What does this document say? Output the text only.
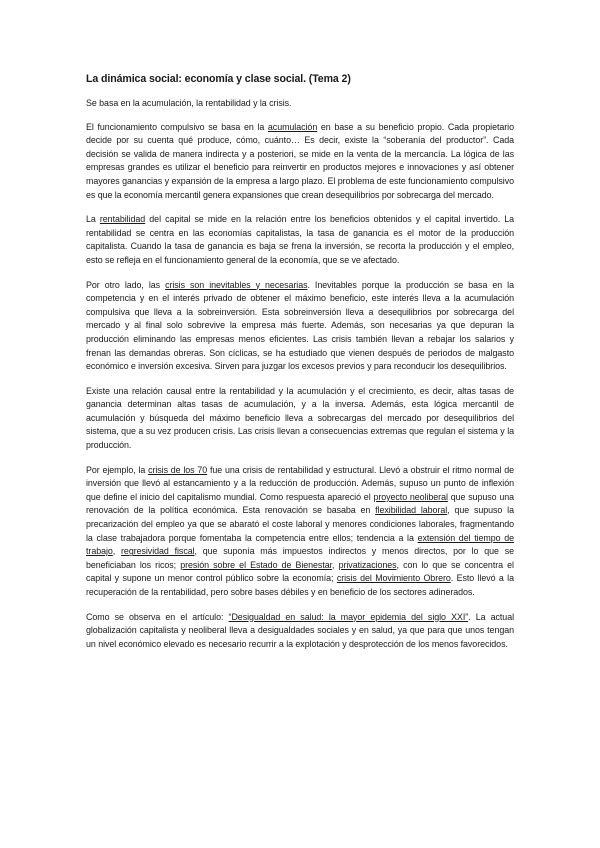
La dinámica social: economía y clase social. (Tema 2)

Se basa en la acumulación, la rentabilidad y la crisis.

El funcionamiento compulsivo se basa en la acumulación en base a su beneficio propio. Cada propietario decide por su cuenta qué produce, cómo, cuánto… Es decir, existe la “soberanía del productor”. Cada decisión se valida de manera indirecta y a posteriori, se mide en la venta de la mercancía. La lógica de las empresas grandes es utilizar el beneficio para reinvertir en productos mejores e innovaciones y así obtener mayores ganancias y expansión de la empresa a largo plazo. El problema de este funcionamiento compulsivo es que la economía mercantil genera expansiones que crean desequilibrios por sobrecarga del mercado.

La rentabilidad del capital se mide en la relación entre los beneficios obtenidos y el capital invertido. La rentabilidad se centra en las economías capitalistas, la tasa de ganancia es el motor de la producción capitalista. Cuando la tasa de ganancia es baja se frena la inversión, se recorta la producción y el empleo, esto se refleja en el funcionamiento general de la economía, que se ve afectado.

Por otro lado, las crisis son inevitables y necesarias. Inevitables porque la producción se basa en la competencia y en el interés privado de obtener el máximo beneficio, este interés lleva a la acumulación compulsiva que lleva a la sobreinversión. Esta sobreinversión lleva a desequilibrios por sobrecarga del mercado y al final solo sobrevive la empresa más fuerte. Además, son necesarias ya que depuran la producción eliminando las empresas menos eficientes. Las crisis también llevan a rebajar los salarios y frenan las demandas obreras. Son cíclicas, se ha estudiado que vienen después de periodos de malgasto económico e inversión excesiva. Sirven para juzgar los excesos previos y para reconducir los desequilibrios.

Existe una relación causal entre la rentabilidad y la acumulación y el crecimiento, es decir, altas tasas de ganancia determinan altas tasas de acumulación, y a la inversa. Además, esta lógica mercantil de acumulación y búsqueda del máximo beneficio lleva a sobrecargas del mercado por desequilibrios del sistema, que a su vez producen crisis. Las crisis llevan a consecuencias extremas que regulan el sistema y la producción.

Por ejemplo, la crisis de los 70 fue una crisis de rentabilidad y estructural. Llevó a obstruir el ritmo normal de inversión que llevó al estancamiento y a la reducción de producción. Además, supuso un punto de inflexión que define el inicio del capitalismo mundial. Como respuesta apareció el proyecto neoliberal que supuso una renovación de la política económica. Esta renovación se basaba en flexibilidad laboral, que supuso la precarización del empleo ya que se abarató el coste laboral y menores condiciones laborales, fragmentando la clase trabajadora porque fomentaba la competencia entre ellos; tendencia a la extensión del tiempo de trabajo, regresividad fiscal, que suponía más impuestos indirectos y menos directos, por lo que se beneficiaban los ricos; presión sobre el Estado de Bienestar, privatizaciones, con lo que se concentra el capital y supone un menor control público sobre la economía; crisis del Movimiento Obrero. Esto llevó a la recuperación de la rentabilidad, pero sobre bases débiles y en beneficio de los sectores adinerados.

Como se observa en el artículo: “Desigualdad en salud: la mayor epidemia del siglo XXI”. La actual globalización capitalista y neoliberal lleva a desigualdades sociales y en salud, ya que para que unos tengan un nivel económico elevado es necesario recurrir a la explotación y desprotección de los menos favorecidos.
